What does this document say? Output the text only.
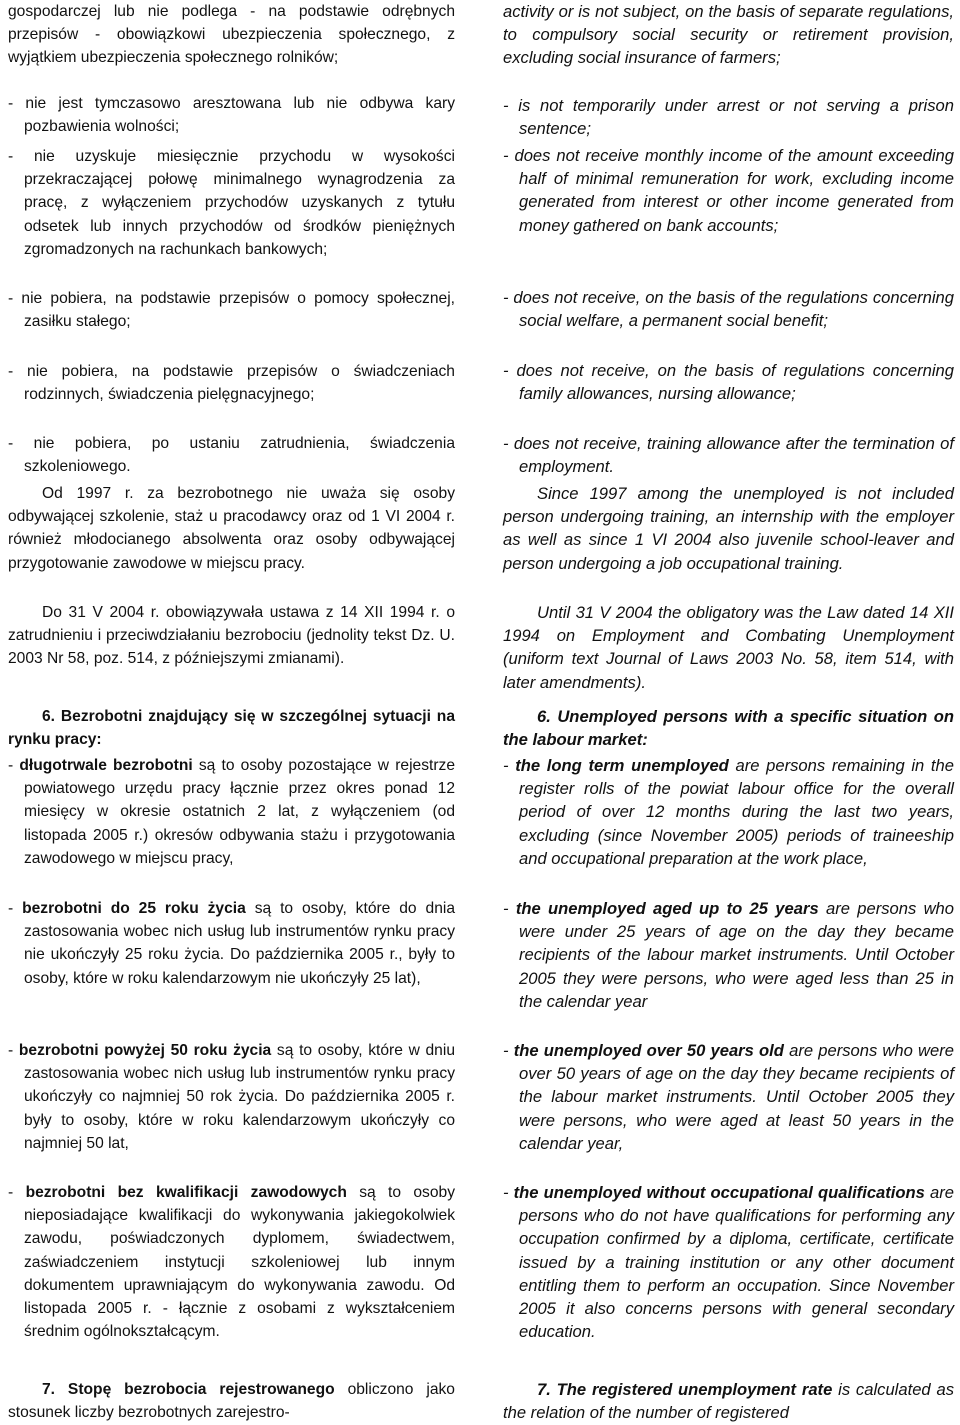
gospodarczej lub nie podlega - na podstawie odrębnych przepisów - obowiązkowi ubezpieczenia społecznego, z wyjątkiem ubezpieczenia społecznego rolników;

- nie jest tymczasowo aresztowana lub nie odbywa kary pozbawienia wolności;

- nie uzyskuje miesięcznie przychodu w wysokości przekraczającej połowę minimalnego wynagrodzenia za pracę, z wyłączeniem przychodów uzyskanych z tytułu odsetek lub innych przychodów od środków pieniężnych zgromadzonych na rachunkach bankowych;

- nie pobiera, na podstawie przepisów o pomocy społecznej, zasiłku stałego;

- nie pobiera, na podstawie przepisów o świadczeniach rodzinnych, świadczenia pielęgnacyjnego;

- nie pobiera, po ustaniu zatrudnienia, świadczenia szkoleniowego.

Od 1997 r. za bezrobotnego nie uważa się osoby odbywającej szkolenie, staż u pracodawcy oraz od 1 VI 2004 r. również młodocianego absolwenta oraz osoby odbywającej przygotowanie zawodowe w miejscu pracy.

Do 31 V 2004 r. obowiązywała ustawa z 14 XII 1994 r. o zatrudnieniu i przeciwdziałaniu bezrobociu (jednolity tekst Dz. U. 2003 Nr 58, poz. 514, z późniejszymi zmianami).

6. Bezrobotni znajdujący się w szczególnej sytuacji na rynku pracy:

- długotrwale bezrobotni są to osoby pozostające w rejestrze powiatowego urzędu pracy łącznie przez okres ponad 12 miesięcy w okresie ostatnich 2 lat, z wyłączeniem (od listopada 2005 r.) okresów odbywania stażu i przygotowania zawodowego w miejscu pracy,

- bezrobotni do 25 roku życia są to osoby, które do dnia zastosowania wobec nich usług lub instrumentów rynku pracy nie ukończyły 25 roku życia. Do października 2005 r., były to osoby, które w roku kalendarzowym nie ukończyły 25 lat),

- bezrobotni powyżej 50 roku życia są to osoby, które w dniu zastosowania wobec nich usług lub instrumentów rynku pracy ukończyły co najmniej 50 rok życia. Do października 2005 r. były to osoby, które w roku kalendarzowym ukończyły co najmniej 50 lat,

- bezrobotni bez kwalifikacji zawodowych są to osoby nieposiadające kwalifikacji do wykonywania jakiegokolwiek zawodu, poświadczonych dyplomem, świadectwem, zaświadczeniem instytucji szkoleniowej lub innym dokumentem uprawniającym do wykonywania zawodu. Od listopada 2005 r. - łącznie z osobami z wykształceniem średnim ogólnokształcącym.

7. Stopę bezrobocia rejestrowanego obliczono jako stosunek liczby bezrobotnych zarejestro-

activity or is not subject, on the basis of separate regulations, to compulsory social security or retirement provision, excluding social insurance of farmers;

- is not temporarily under arrest or not serving a prison sentence;

- does not receive monthly income of the amount exceeding half of minimal remuneration for work, excluding income generated from interest or other income generated from money gathered on bank accounts;

- does not receive, on the basis of the regulations concerning social welfare, a permanent social benefit;

- does not receive, on the basis of regulations concerning family allowances, nursing allowance;

- does not receive, training allowance after the termination of employment.

Since 1997 among the unemployed is not included person undergoing training, an internship with the employer as well as since 1 VI 2004 also juvenile school-leaver and person undergoing a job occupational training.

Until 31 V 2004 the obligatory was the Law dated 14 XII 1994 on Employment and Combating Unemployment (uniform text Journal of Laws 2003 No. 58, item 514, with later amendments).

6. Unemployed persons with a specific situation on the labour market:

- the long term unemployed are persons remaining in the register rolls of the powiat labour office for the overall period of over 12 months during the last two years, excluding (since November 2005) periods of traineeship and occupational preparation at the work place,

- the unemployed aged up to 25 years are persons who were under 25 years of age on the day they became recipients of the labour market instruments. Until October 2005 they were persons, who were aged less than 25 in the calendar year

- the unemployed over 50 years old are persons who were over 50 years of age on the day they became recipients of the labour market instruments. Until October 2005 they were persons, who were aged at least 50 years in the calendar year,

- the unemployed without occupational qualifications are persons who do not have qualifications for performing any occupation confirmed by a diploma, certificate, certificate issued by a training institution or any other document entitling them to perform an occupation. Since November 2005 it also concerns persons with general secondary education.

7. The registered unemployment rate is calculated as the relation of the number of registered
